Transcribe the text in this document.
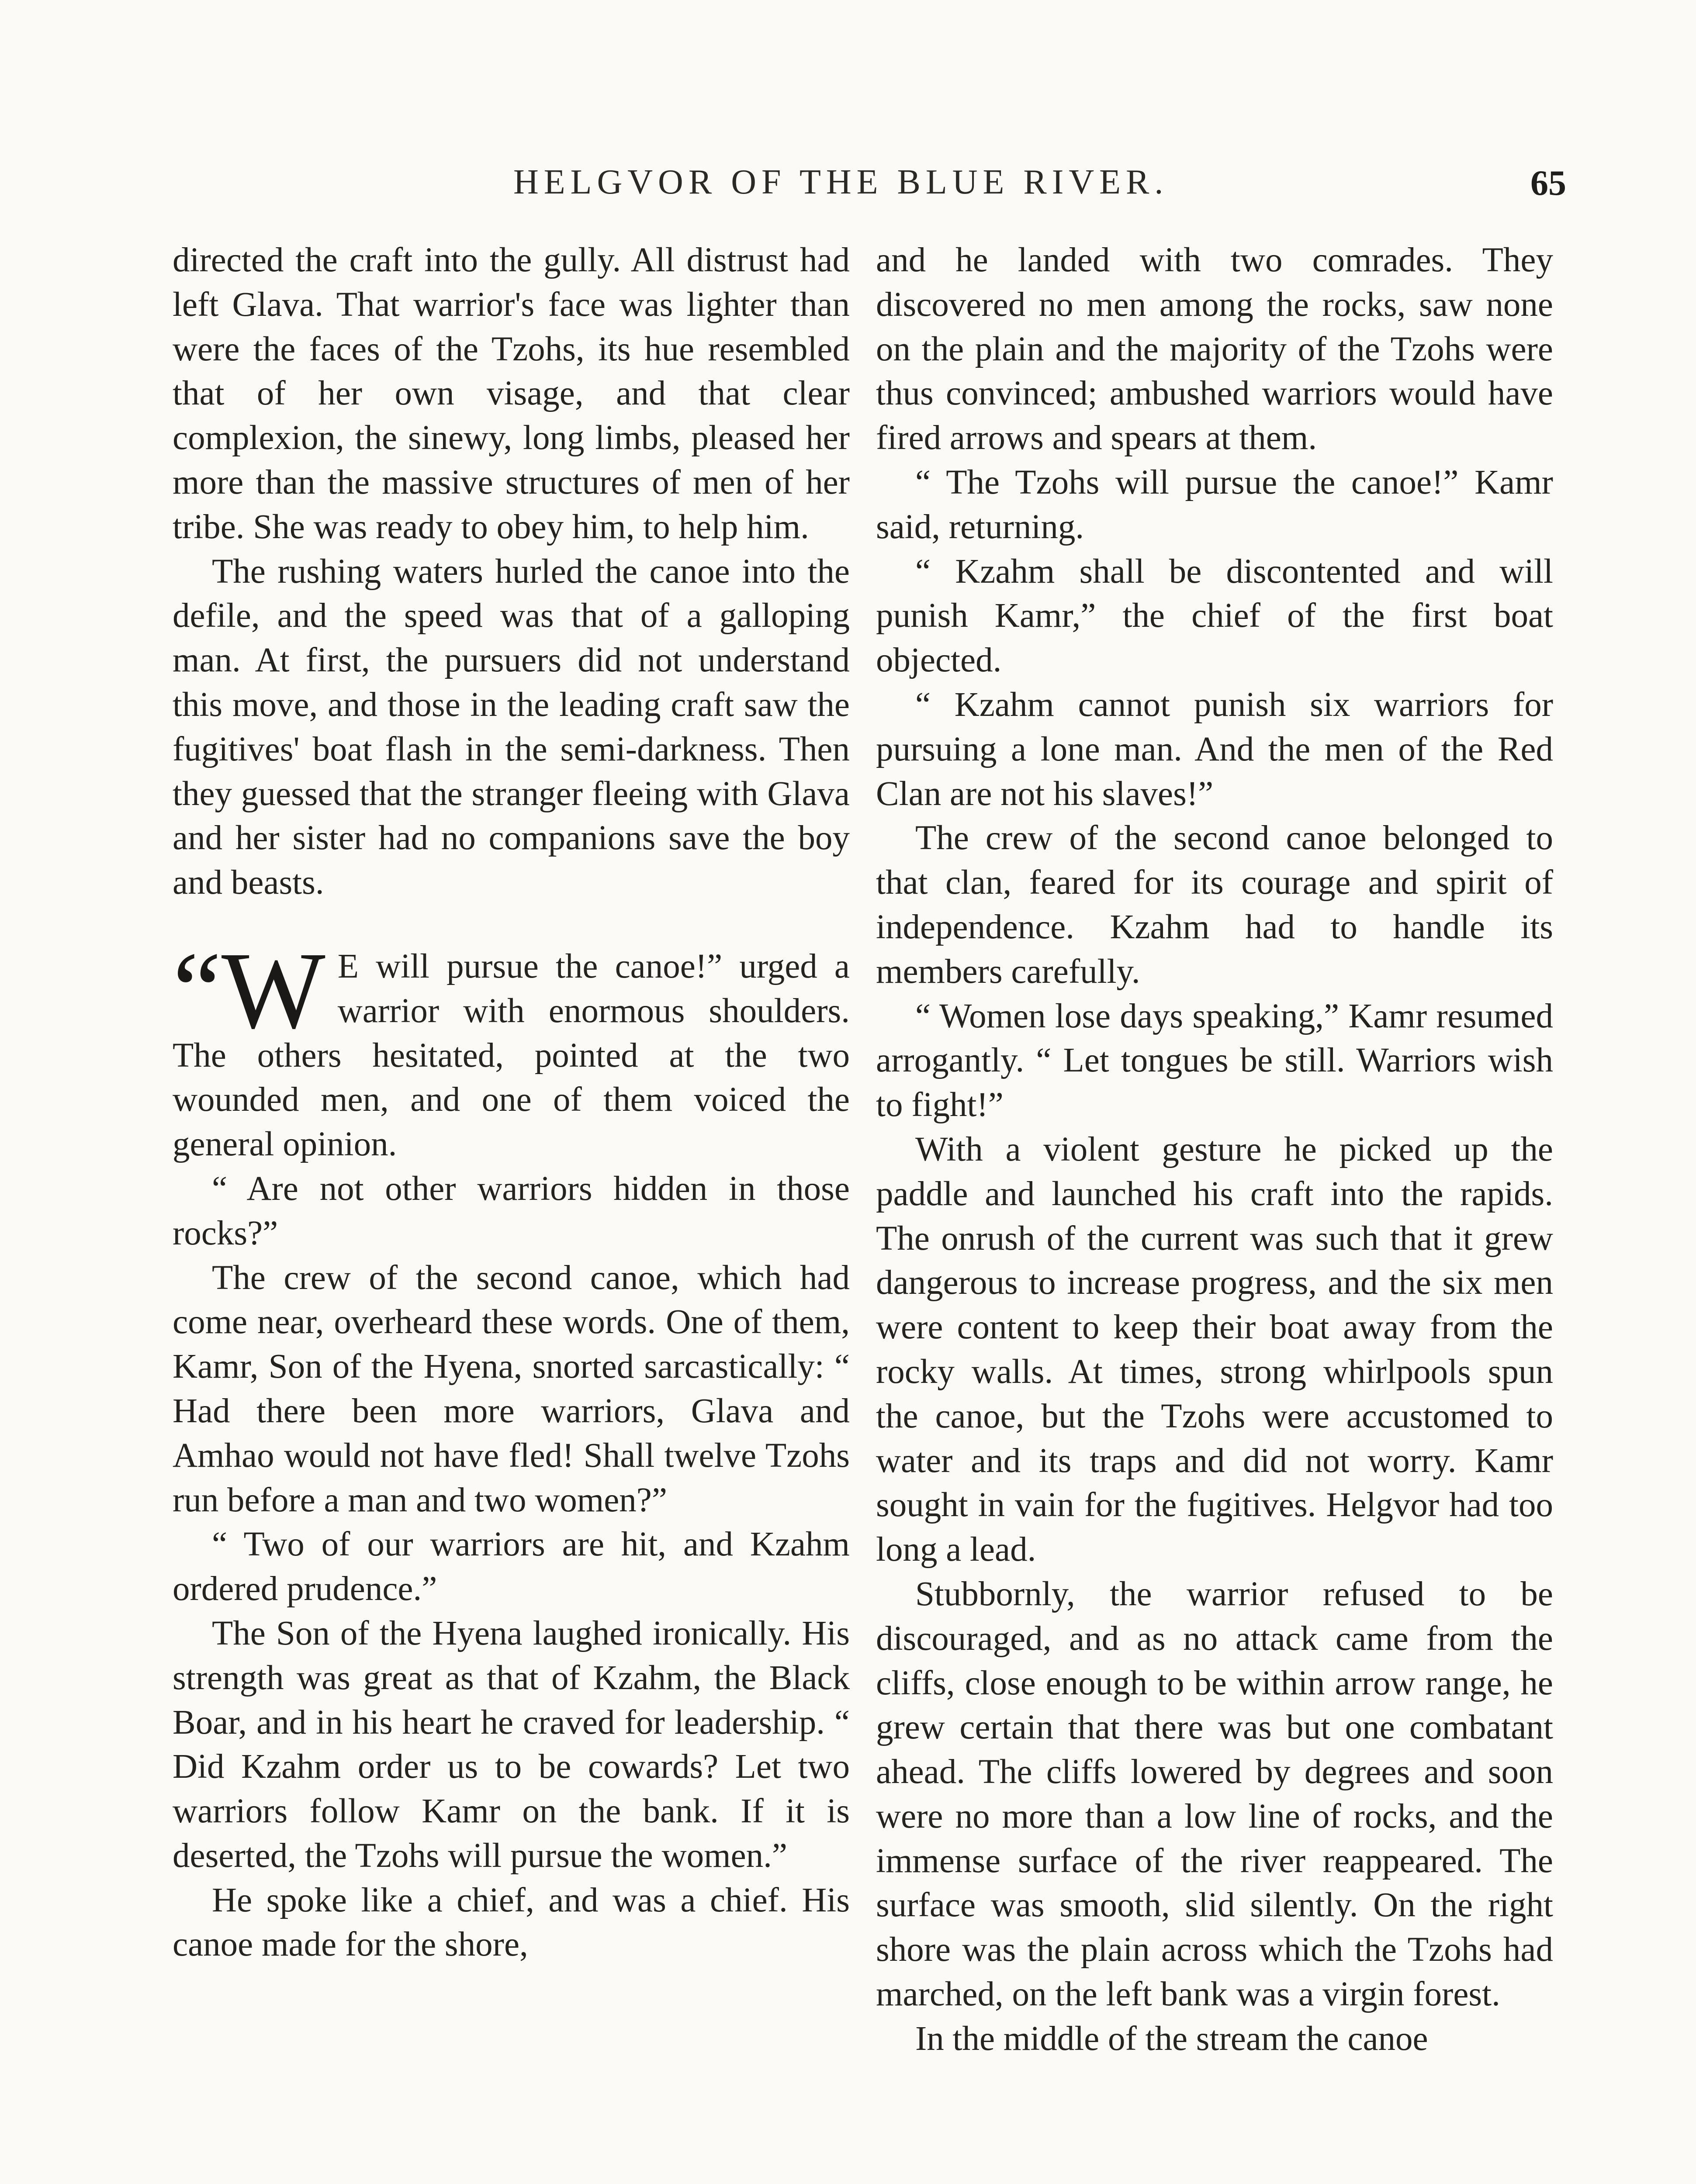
HELGVOR OF THE BLUE RIVER.	65

directed the craft into the gully. All distrust had left Glava. That warrior's face was lighter than were the faces of the Tzohs, its hue resembled that of her own visage, and that clear complexion, the sinewy, long limbs, pleased her more than the massive structures of men of her tribe. She was ready to obey him, to help him.

The rushing waters hurled the canoe into the defile, and the speed was that of a galloping man. At first, the pursuers did not understand this move, and those in the leading craft saw the fugitives' boat flash in the semi-darkness. Then they guessed that the stranger fleeing with Glava and her sister had no companions save the boy and beasts.

“W E will pursue the canoe!” urged a warrior with enormous shoulders. The others hesitated, pointed at the two wounded men, and one of them voiced the general opinion.

“ Are not other warriors hidden in those rocks?”

The crew of the second canoe, which had come near, overheard these words. One of them, Kamr, Son of the Hyena, snorted sarcastically: “ Had there been more warriors, Glava and Amhao would not have fled! Shall twelve Tzohs run before a man and two women?”

“ Two of our warriors are hit, and Kzahm ordered prudence.”

The Son of the Hyena laughed ironically. His strength was great as that of Kzahm, the Black Boar, and in his heart he craved for leadership. “ Did Kzahm order us to be cowards? Let two warriors follow Kamr on the bank. If it is deserted, the Tzohs will pursue the women.”

He spoke like a chief, and was a chief. His canoe made for the shore,

and he landed with two comrades. They discovered no men among the rocks, saw none on the plain and the majority of the Tzohs were thus convinced; ambushed warriors would have fired arrows and spears at them.

“ The Tzohs will pursue the canoe!” Kamr said, returning.

“ Kzahm shall be discontented and will punish Kamr,” the chief of the first boat objected.

“ Kzahm cannot punish six warriors for pursuing a lone man. And the men of the Red Clan are not his slaves!”

The crew of the second canoe belonged to that clan, feared for its courage and spirit of independence. Kzahm had to handle its members carefully.

“ Women lose days speaking,” Kamr resumed arrogantly. “ Let tongues be still. Warriors wish to fight!”

With a violent gesture he picked up the paddle and launched his craft into the rapids. The onrush of the current was such that it grew dangerous to increase progress, and the six men were content to keep their boat away from the rocky walls. At times, strong whirlpools spun the canoe, but the Tzohs were accustomed to water and its traps and did not worry. Kamr sought in vain for the fugitives. Helgvor had too long a lead.

Stubbornly, the warrior refused to be discouraged, and as no attack came from the cliffs, close enough to be within arrow range, he grew certain that there was but one combatant ahead. The cliffs lowered by degrees and soon were no more than a low line of rocks, and the immense surface of the river reappeared. The surface was smooth, slid silently. On the right shore was the plain across which the Tzohs had marched, on the left bank was a virgin forest.

In the middle of the stream the canoe
